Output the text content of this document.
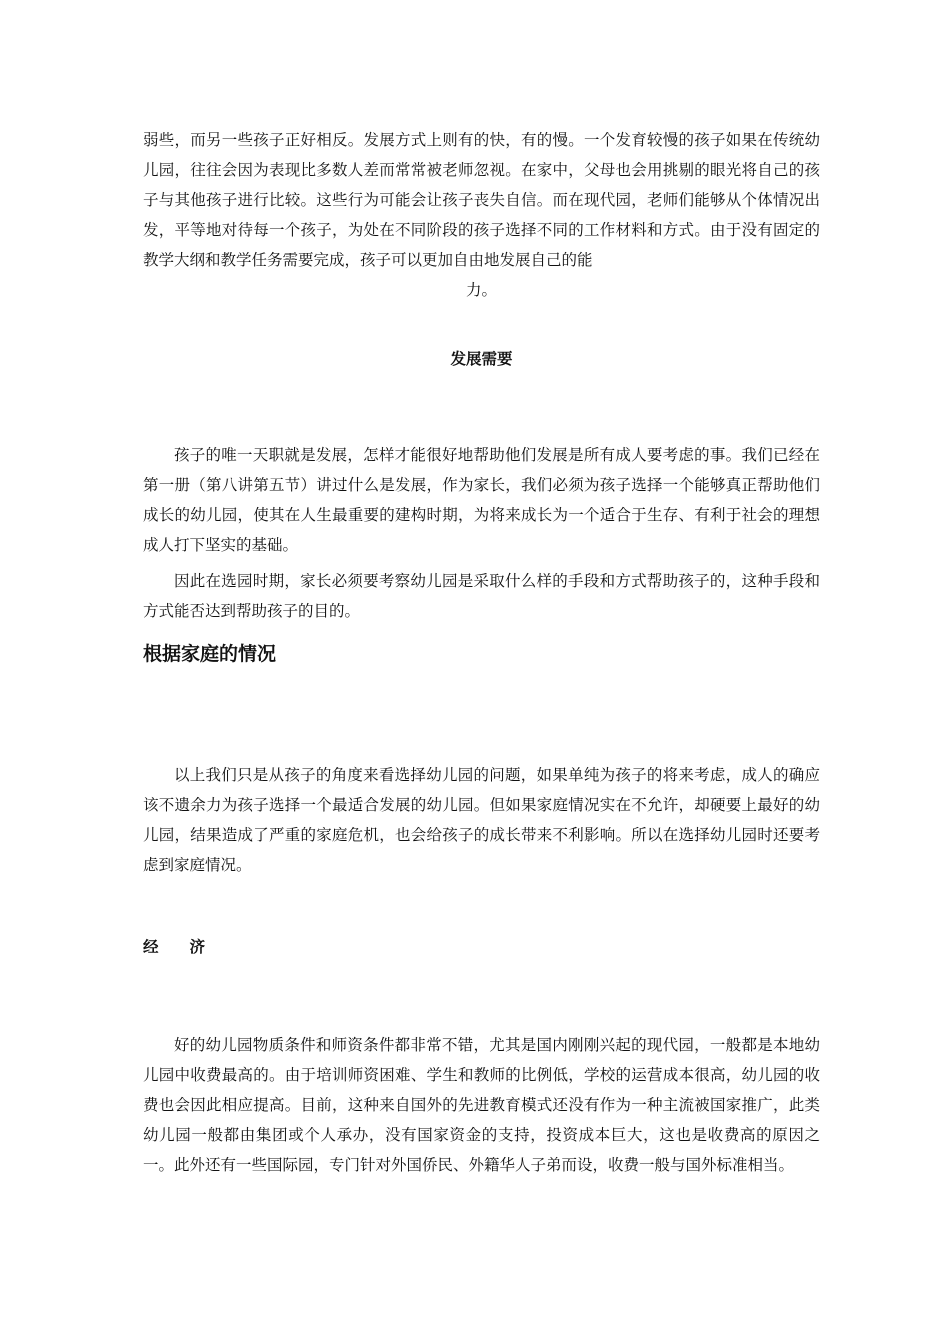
弱些，而另一些孩子正好相反。发展方式上则有的快，有的慢。一个发育较慢的孩子如果在传统幼儿园，往往会因为表现比多数人差而常常被老师忽视。在家中，父母也会用挑剔的眼光将自己的孩子与其他孩子进行比较。这些行为可能会让孩子丧失自信。而在现代园，老师们能够从个体情况出发，平等地对待每一个孩子，为处在不同阶段的孩子选择不同的工作材料和方式。由于没有固定的教学大纲和教学任务需要完成，孩子可以更加自由地发展自己的能
力。

发展需要

孩子的唯一天职就是发展，怎样才能很好地帮助他们发展是所有成人要考虑的事。我们已经在第一册（第八讲第五节）讲过什么是发展，作为家长，我们必须为孩子选择一个能够真正帮助他们成长的幼儿园，使其在人生最重要的建构时期，为将来成长为一个适合于生存、有利于社会的理想成人打下坚实的基础。

因此在选园时期，家长必须要考察幼儿园是采取什么样的手段和方式帮助孩子的，这种手段和方式能否达到帮助孩子的目的。

根据家庭的情况

以上我们只是从孩子的角度来看选择幼儿园的问题，如果单纯为孩子的将来考虑，成人的确应该不遗余力为孩子选择一个最适合发展的幼儿园。但如果家庭情况实在不允许，却硬要上最好的幼儿园，结果造成了严重的家庭危机，也会给孩子的成长带来不利影响。所以在选择幼儿园时还要考虑到家庭情况。

经　　济

好的幼儿园物质条件和师资条件都非常不错，尤其是国内刚刚兴起的现代园，一般都是本地幼儿园中收费最高的。由于培训师资困难、学生和教师的比例低，学校的运营成本很高，幼儿园的收费也会因此相应提高。目前，这种来自国外的先进教育模式还没有作为一种主流被国家推广，此类幼儿园一般都由集团或个人承办，没有国家资金的支持，投资成本巨大，这也是收费高的原因之一。此外还有一些国际园，专门针对外国侨民、外籍华人子弟而设，收费一般与国外标准相当。
